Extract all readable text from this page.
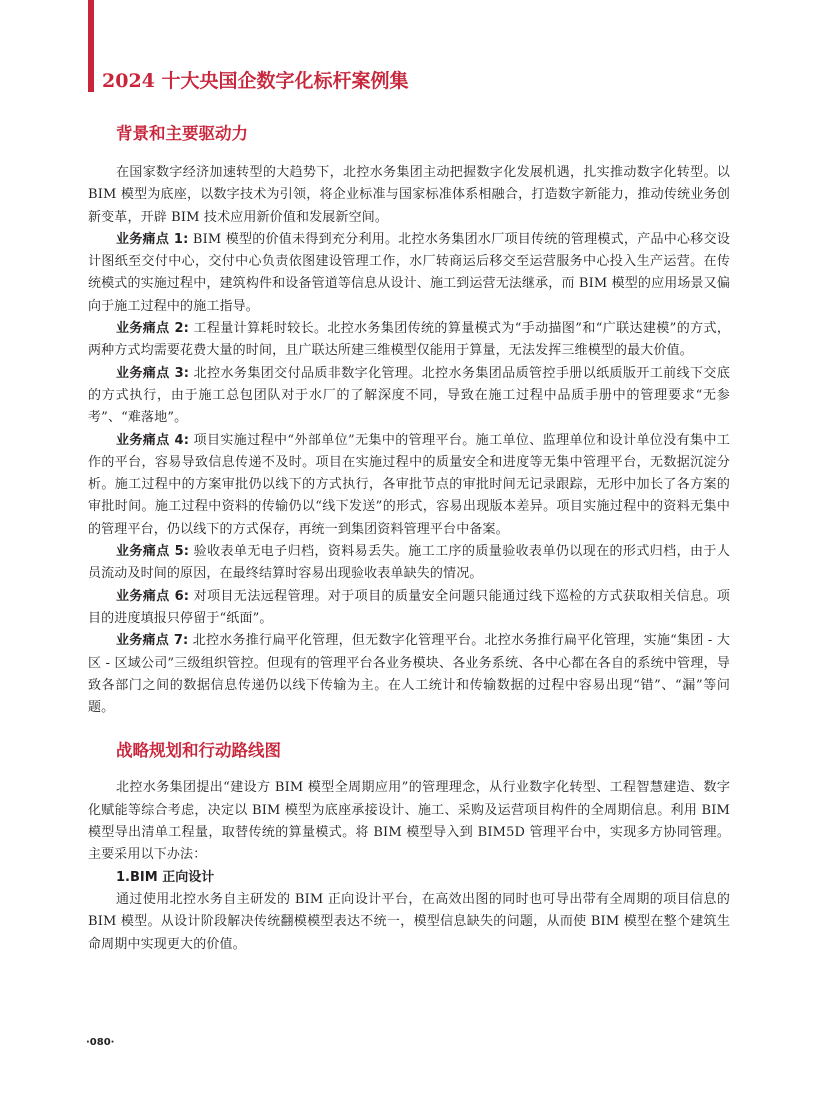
2024 十大央国企数字化标杆案例集
背景和主要驱动力

在国家数字经济加速转型的大趋势下，北控水务集团主动把握数字化发展机遇，扎实推动数字化转型。以 BIM 模型为底座，以数字技术为引领，将企业标准与国家标准体系相融合，打造数字新能力，推动传统业务创新变革，开辟 BIM 技术应用新价值和发展新空间。

业务痛点 1: BIM 模型的价值未得到充分利用。北控水务集团水厂项目传统的管理模式，产品中心移交设计图纸至交付中心，交付中心负责依图建设管理工作，水厂转商运后移交至运营服务中心投入生产运营。在传统模式的实施过程中，建筑构件和设备管道等信息从设计、施工到运营无法继承，而 BIM 模型的应用场景又偏向于施工过程中的施工指导。

业务痛点 2: 工程量计算耗时较长。北控水务集团传统的算量模式为“手动描图”和“广联达建模”的方式，两种方式均需要花费大量的时间，且广联达所建三维模型仅能用于算量，无法发挥三维模型的最大价值。

业务痛点 3: 北控水务集团交付品质非数字化管理。北控水务集团品质管控手册以纸质版开工前线下交底的方式执行，由于施工总包团队对于水厂的了解深度不同，导致在施工过程中品质手册中的管理要求“无参考”、“难落地”。

业务痛点 4: 项目实施过程中“外部单位”无集中的管理平台。施工单位、监理单位和设计单位没有集中工作的平台，容易导致信息传递不及时。项目在实施过程中的质量安全和进度等无集中管理平台，无数据沉淀分析。施工过程中的方案审批仍以线下的方式执行，各审批节点的审批时间无记录跟踪，无形中加长了各方案的审批时间。施工过程中资料的传输仍以“线下发送”的形式，容易出现版本差异。项目实施过程中的资料无集中的管理平台，仍以线下的方式保存，再统一到集团资料管理平台中备案。

业务痛点 5: 验收表单无电子归档，资料易丢失。施工工序的质量验收表单仍以现在的形式归档，由于人员流动及时间的原因，在最终结算时容易出现验收表单缺失的情况。

业务痛点 6: 对项目无法远程管理。对于项目的质量安全问题只能通过线下巡检的方式获取相关信息。项目的进度填报只停留于“纸面”。

业务痛点 7: 北控水务推行扁平化管理，但无数字化管理平台。北控水务推行扁平化管理，实施“集团 - 大区 - 区域公司”三级组织管控。但现有的管理平台各业务模块、各业务系统、各中心都在各自的系统中管理，导致各部门之间的数据信息传递仍以线下传输为主。在人工统计和传输数据的过程中容易出现“错”、“漏”等问题。

战略规划和行动路线图

北控水务集团提出“建设方 BIM 模型全周期应用”的管理理念，从行业数字化转型、工程智慧建造、数字化赋能等综合考虑，决定以 BIM 模型为底座承接设计、施工、采购及运营项目构件的全周期信息。利用 BIM 模型导出清单工程量，取替传统的算量模式。将 BIM 模型导入到 BIM5D 管理平台中，实现多方协同管理。主要采用以下办法：

1.BIM 正向设计

通过使用北控水务自主研发的 BIM 正向设计平台，在高效出图的同时也可导出带有全周期的项目信息的 BIM 模型。从设计阶段解决传统翻模模型表达不统一，模型信息缺失的问题，从而使 BIM 模型在整个建筑生命周期中实现更大的价值。

·080·
